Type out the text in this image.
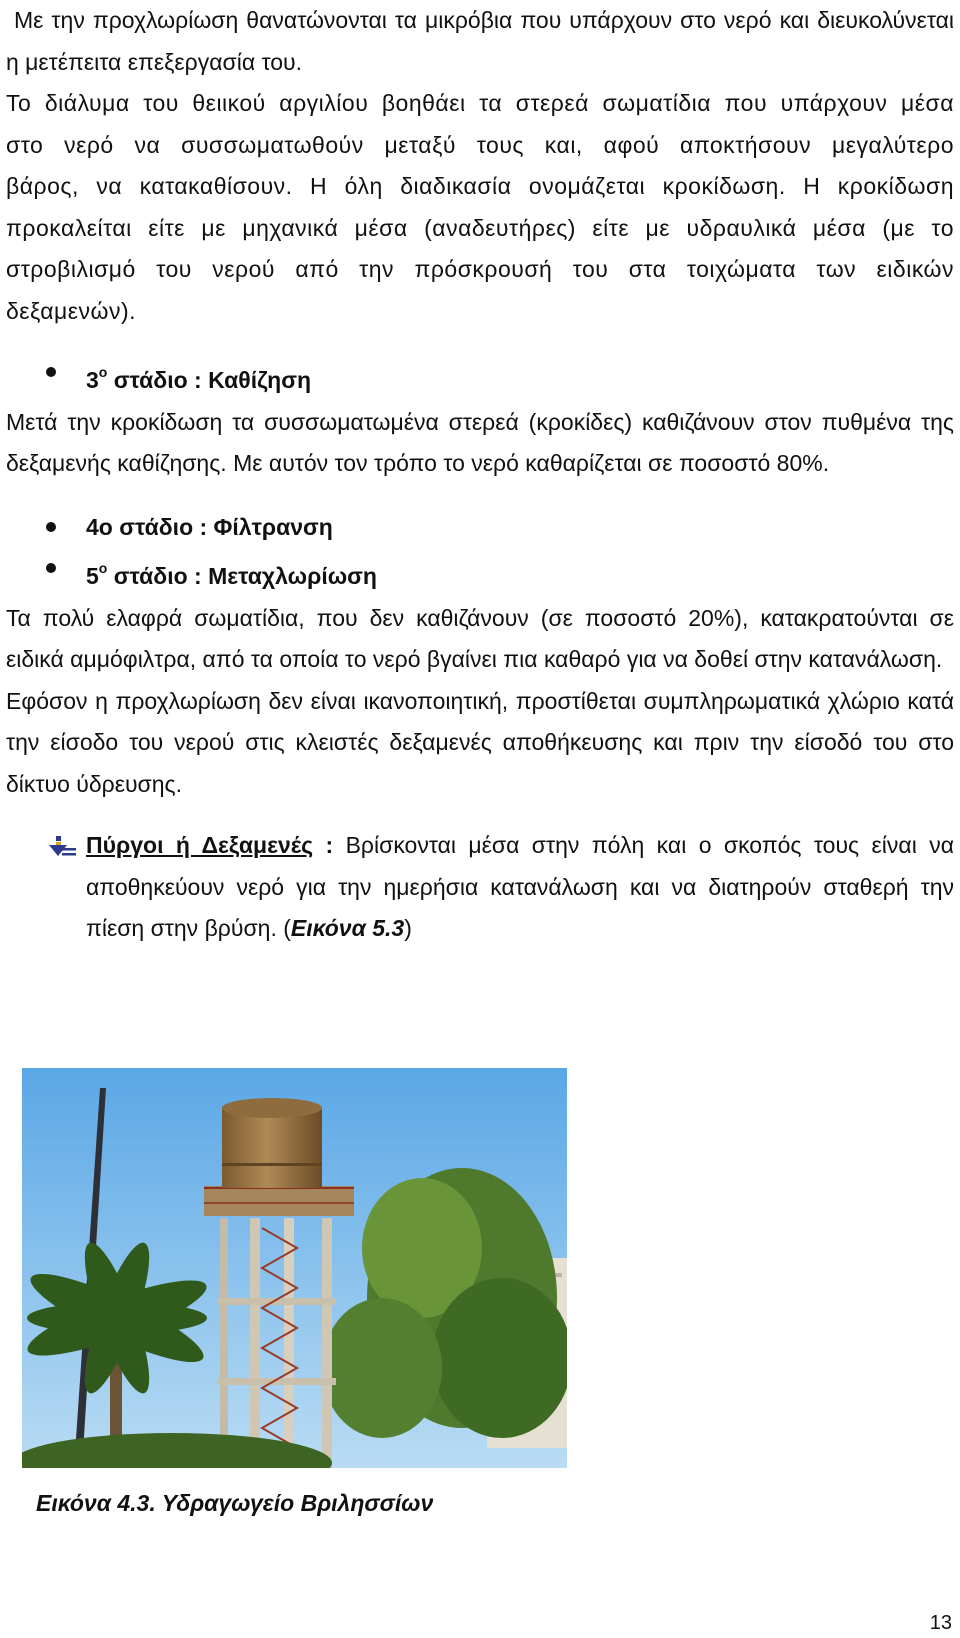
Με την προχλωρίωση θανατώνονται τα μικρόβια που υπάρχουν στο νερό και διευκολύνεται η μετέπειτα επεξεργασία του.

Το διάλυμα του θειικού αργιλίου βοηθάει τα στερεά σωματίδια που υπάρχουν μέσα στο νερό να συσσωματωθούν μεταξύ τους και, αφού αποκτήσουν μεγαλύτερο βάρος, να κατακαθίσουν. Η όλη διαδικασία ονομάζεται κροκίδωση. Η κροκίδωση προκαλείται είτε με μηχανικά μέσα (αναδευτήρες) είτε με υδραυλικά μέσα (με το στροβιλισμό του νερού από την πρόσκρουσή του στα τοιχώματα των ειδικών δεξαμενών).

$3^o$ στάδιο : Καθίζηση

Μετά την κροκίδωση τα συσσωματωμένα στερεά (κροκίδες) καθιζάνουν στον πυθμένα της δεξαμενής καθίζησης. Με αυτόν τον τρόπο το νερό καθαρίζεται σε ποσοστό 80%.

4ο στάδιο : Φίλτρανση

$5^o$ στάδιο : Μεταχλωρίωση

Τα πολύ ελαφρά σωματίδια, που δεν καθιζάνουν (σε ποσοστό 20%), κατακρατούνται σε ειδικά αμμόφιλτρα, από τα οποία το νερό βγαίνει πια καθαρό για να δοθεί στην κατανάλωση.

Εφόσον η προχλωρίωση δεν είναι ικανοποιητική, προστίθεται συμπληρωματικά χλώριο κατά την είσοδο του νερού στις κλειστές δεξαμενές αποθήκευσης και πριν την είσοδό του στο δίκτυο ύδρευσης.

Πύργοι ή Δεξαμενές : Βρίσκονται μέσα στην πόλη και ο σκοπός τους είναι να αποθηκεύουν νερό για την ημερήσια κατανάλωση και να διατηρούν σταθερή την πίεση στην βρύση. (Εικόνα 5.3)

Εικόνα 4.3. Υδραγωγείο Βριλησσίων
13
